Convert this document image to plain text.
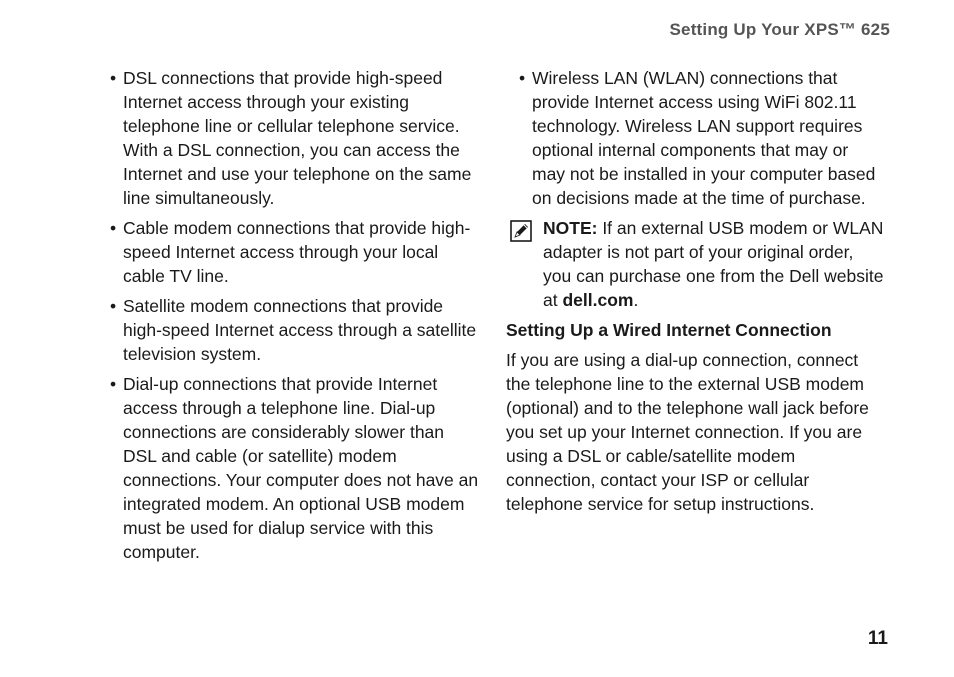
Setting Up Your XPS™ 625
• DSL connections that provide high-speed Internet access through your existing telephone line or cellular telephone service. With a DSL connection, you can access the Internet and use your telephone on the same line simultaneously.
• Cable modem connections that provide high-speed Internet access through your local cable TV line.
• Satellite modem connections that provide high-speed Internet access through a satellite television system.
• Dial-up connections that provide Internet access through a telephone line. Dial-up connections are considerably slower than DSL and cable (or satellite) modem connections. Your computer does not have an integrated modem. An optional USB modem must be used for dialup service with this computer.
• Wireless LAN (WLAN) connections that provide Internet access using WiFi 802.11 technology. Wireless LAN support requires optional internal components that may or may not be installed in your computer based on decisions made at the time of purchase.
NOTE: If an external USB modem or WLAN adapter is not part of your original order, you can purchase one from the Dell website at dell.com.
Setting Up a Wired Internet Connection

If you are using a dial-up connection, connect the telephone line to the external USB modem (optional) and to the telephone wall jack before you set up your Internet connection. If you are using a DSL or cable/satellite modem connection, contact your ISP or cellular telephone service for setup instructions.

11
